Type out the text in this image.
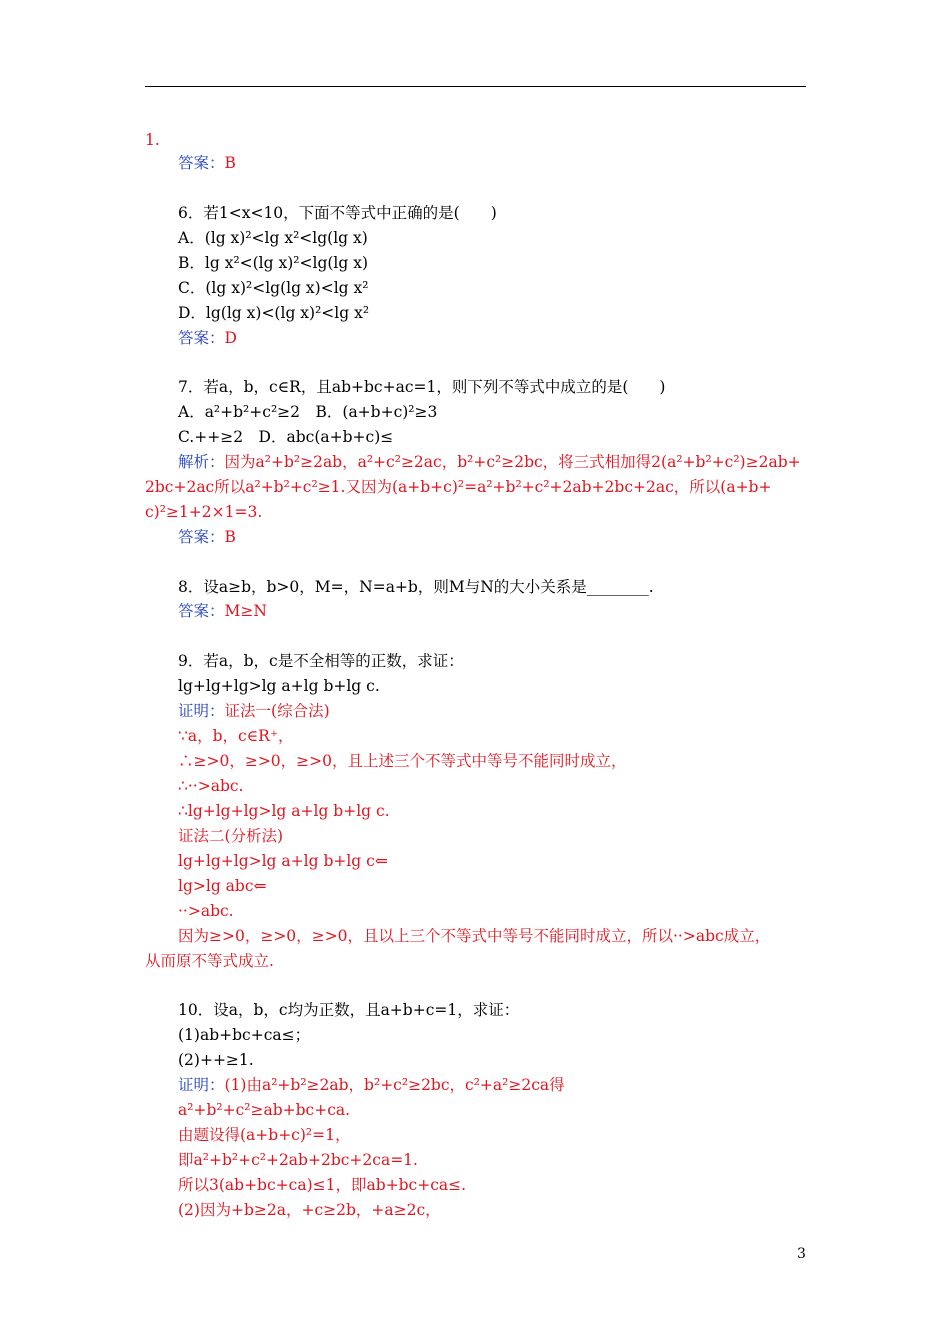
1.
答案：B
6．若1<x<10，下面不等式中正确的是(　　)
A．(lg x)²<lg x²<lg(lg x)
B．lg x²<(lg x)²<lg(lg x)
C．(lg x)²<lg(lg x)<lg x²
D．lg(lg x)<(lg x)²<lg x²
答案：D
7．若a，b，c∈R，且ab+bc+ac=1，则下列不等式中成立的是(　　)
A．a²+b²+c²≥2　B．(a+b+c)²≥3
C.++≥2　D．abc(a+b+c)≤
解析：因为a²+b²≥2ab，a²+c²≥2ac，b²+c²≥2bc，将三式相加得2(a²+b²+c²)≥2ab+
2bc+2ac所以a²+b²+c²≥1.又因为(a+b+c)²=a²+b²+c²+2ab+2bc+2ac，所以(a+b+
c)²≥1+2×1=3.
答案：B
8．设a≥b，b>0，M=，N=a+b，则M与N的大小关系是________.
答案：M≥N
9．若a，b，c是不全相等的正数，求证：
lg+lg+lg>lg a+lg b+lg c.
证明：证法一(综合法)
∵a，b，c∈R⁺，
∴≥>0，≥>0，≥>0，且上述三个不等式中等号不能同时成立，
∴··>abc.
∴lg+lg+lg>lg a+lg b+lg c.
证法二(分析法)
lg+lg+lg>lg a+lg b+lg c⇐
lg>lg abc⇐
··>abc.
因为≥>0，≥>0，≥>0，且以上三个不等式中等号不能同时成立，所以··>abc成立，
从而原不等式成立.
10．设a，b，c均为正数，且a+b+c=1，求证：
(1)ab+bc+ca≤；
(2)++≥1.
证明：(1)由a²+b²≥2ab，b²+c²≥2bc，c²+a²≥2ca得
a²+b²+c²≥ab+bc+ca.
由题设得(a+b+c)²=1，
即a²+b²+c²+2ab+2bc+2ca=1.
所以3(ab+bc+ca)≤1，即ab+bc+ca≤.
(2)因为+b≥2a，+c≥2b，+a≥2c，
3
